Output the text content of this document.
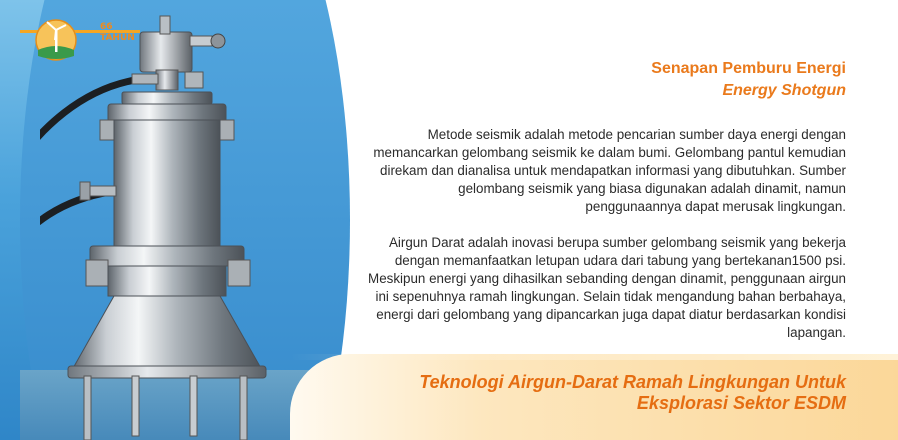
66
TAHUN
Senapan Pemburu Energi
Energy Shotgun

Metode seismik adalah metode pencarian sumber daya energi dengan memancarkan gelombang seismik ke dalam bumi. Gelombang pantul kemudian direkam dan dianalisa untuk mendapatkan informasi yang dibutuhkan. Sumber gelombang seismik yang biasa digunakan adalah dinamit, namun penggunaannya dapat merusak lingkungan.

Airgun Darat adalah inovasi berupa sumber gelombang seismik yang bekerja dengan memanfaatkan letupan udara dari tabung yang bertekanan1500 psi. Meskipun energi yang dihasilkan sebanding dengan dinamit, penggunaan airgun ini sepenuhnya ramah lingkungan. Selain tidak mengandung bahan berbahaya, energi dari gelombang yang dipancarkan juga dapat diatur berdasarkan kondisi lapangan.

Teknologi Airgun-Darat Ramah Lingkungan Untuk
Eksplorasi Sektor ESDM
